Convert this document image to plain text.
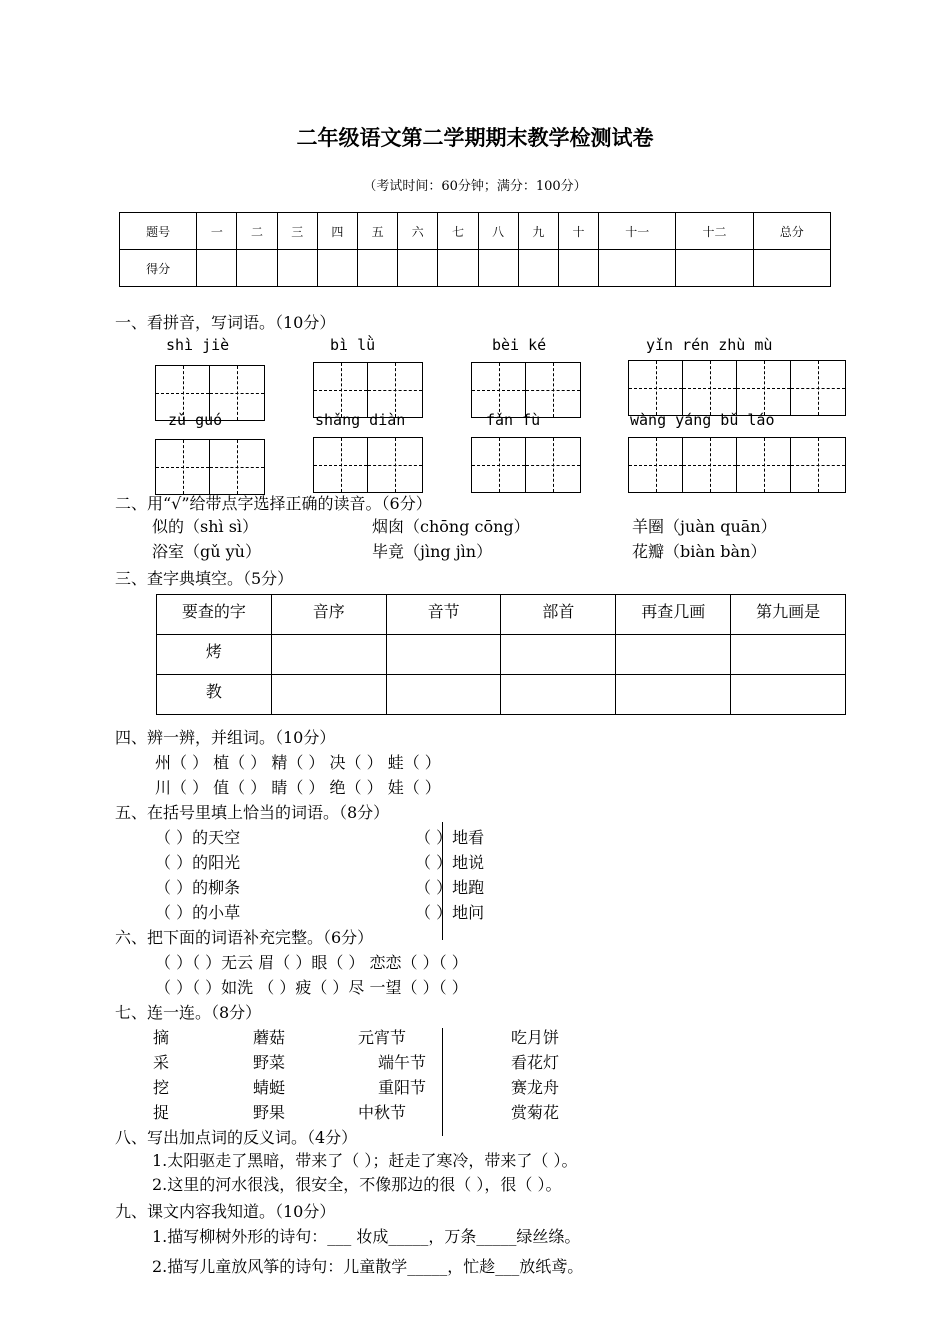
二年级语文第二学期期末教学检测试卷
（考试时间：60分钟；满分：100分）
题号	一	二	三	四	五	六	七	八	九	十	十一	十二	总分
得分													
一、看拼音，写词语。（10分）
shì jiè	bì lǜ	bèi ké	yǐn rén zhù mù
zǔ guó	shǎng diàn	fǎn fù	wàng yáng bǔ láo
二、用“√”给带点字选择正确的读音。（6分）
似的（shì sì）	烟囱（chōng cōng）	羊圈（juàn quān）
浴室（gǔ yù）	毕竟（jìng jìn）	花瓣（biàn bàn）
三、查字典填空。（5分）
要查的字	音序	音节	部首	再查几画	第九画是
烤					
教					
四、辨一辨，并组词。（10分）
州（ ） 植（ ） 精（ ） 决（ ） 蛙（ ）
川（ ） 值（ ） 睛（ ） 绝（ ） 娃（ ）
五、在括号里填上恰当的词语。（8分）
（ ）的天空
（ ）的阳光
（ ）的柳条
（ ）的小草
（ ）地看
（ ）地说
（ ）地跑
（ ）地问
六、把下面的词语补充完整。（6分）
（ ）（ ）无云 眉（ ）眼（ ） 恋恋（ ）（ ）
（ ）（ ）如洗 （ ）疲（ ）尽 一望（ ）（ ）
七、连一连。（8分）
摘
采
挖
捉
蘑菇
野菜
蜻蜓
野果
元宵节
端午节
重阳节
中秋节
吃月饼
看花灯
赛龙舟
赏菊花
八、写出加点词的反义词。（4分）
1.太阳驱走了黑暗，带来了（ ）；赶走了寒冷，带来了（ ）。
2.这里的河水很浅，很安全，不像那边的很（ ），很（ ）。
九、课文内容我知道。（10分）
1.描写柳树外形的诗句：___ 妆成_____，万条_____绿丝绦。
2.描写儿童放风筝的诗句：儿童散学_____，忙趁___放纸鸢。
